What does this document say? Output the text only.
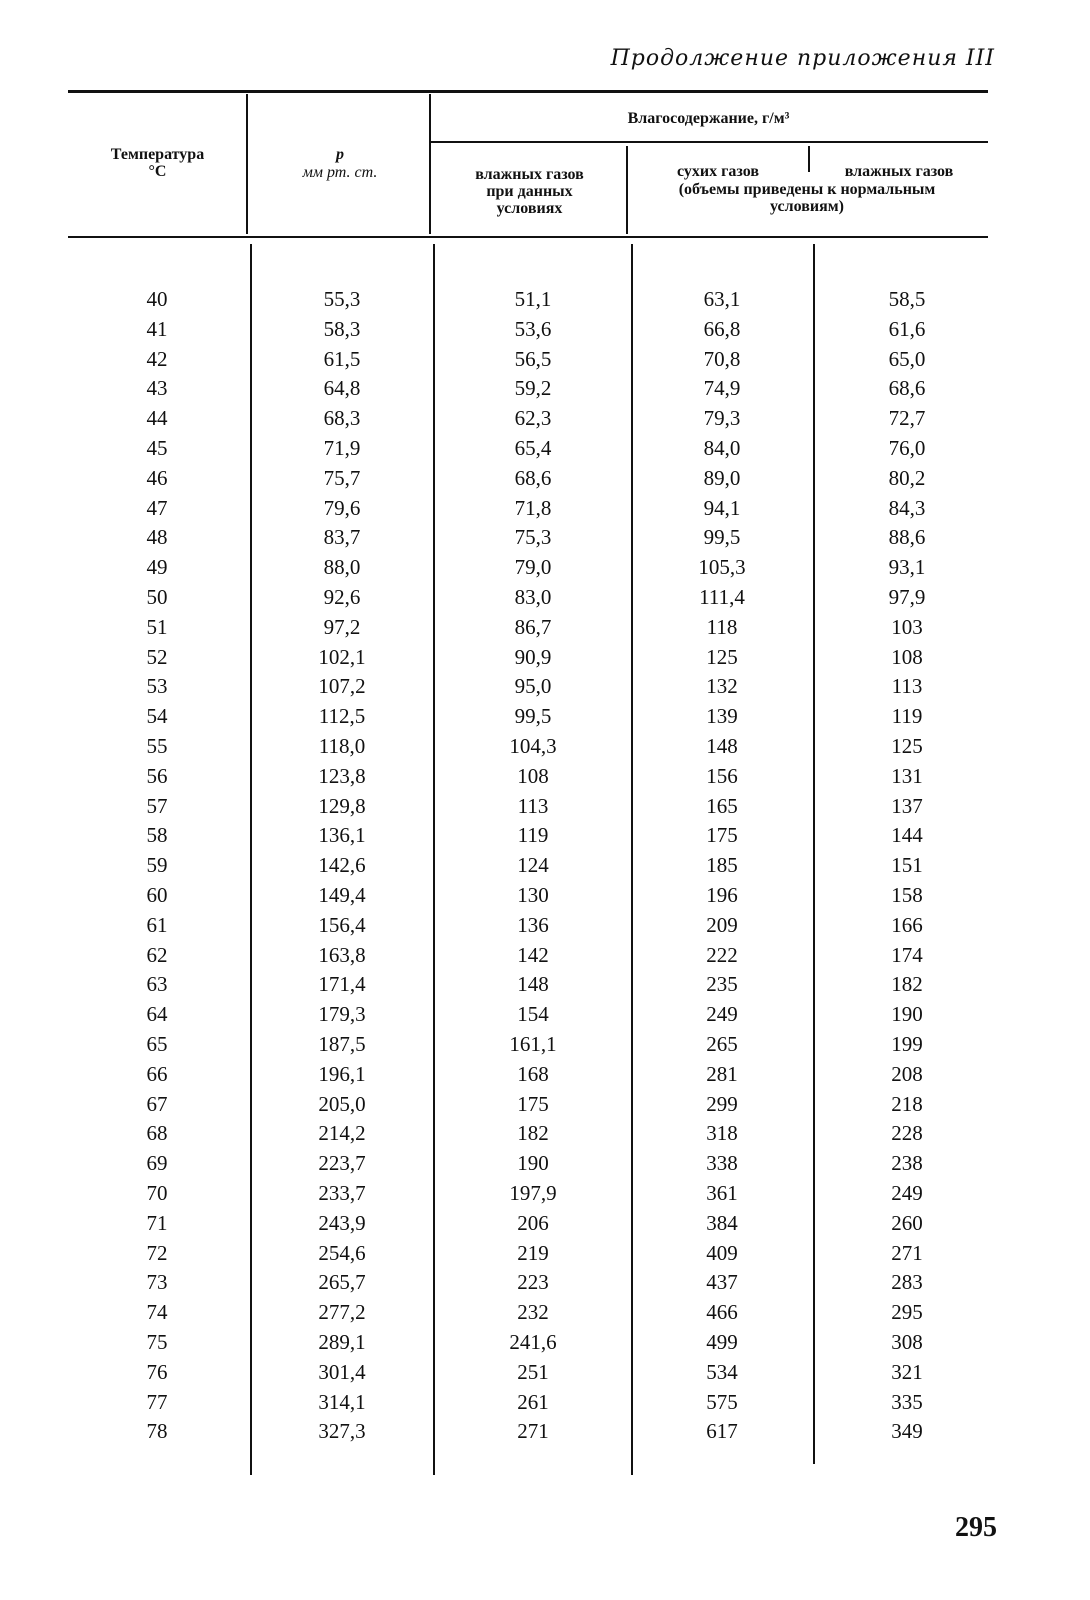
Продолжение приложения III
Температура
°C
p
мм рт. ст.
Влагосодержание, г/м³
влажных газов
при данных
условиях
сухих газов	влажных газов
(объемы приведены к нормальным
условиям)
40	55,3	51,1	63,1	58,5
41	58,3	53,6	66,8	61,6
42	61,5	56,5	70,8	65,0
43	64,8	59,2	74,9	68,6
44	68,3	62,3	79,3	72,7
45	71,9	65,4	84,0	76,0
46	75,7	68,6	89,0	80,2
47	79,6	71,8	94,1	84,3
48	83,7	75,3	99,5	88,6
49	88,0	79,0	105,3	93,1
50	92,6	83,0	111,4	97,9
51	97,2	86,7	118	103
52	102,1	90,9	125	108
53	107,2	95,0	132	113
54	112,5	99,5	139	119
55	118,0	104,3	148	125
56	123,8	108	156	131
57	129,8	113	165	137
58	136,1	119	175	144
59	142,6	124	185	151
60	149,4	130	196	158
61	156,4	136	209	166
62	163,8	142	222	174
63	171,4	148	235	182
64	179,3	154	249	190
65	187,5	161,1	265	199
66	196,1	168	281	208
67	205,0	175	299	218
68	214,2	182	318	228
69	223,7	190	338	238
70	233,7	197,9	361	249
71	243,9	206	384	260
72	254,6	219	409	271
73	265,7	223	437	283
74	277,2	232	466	295
75	289,1	241,6	499	308
76	301,4	251	534	321
77	314,1	261	575	335
78	327,3	271	617	349
295
